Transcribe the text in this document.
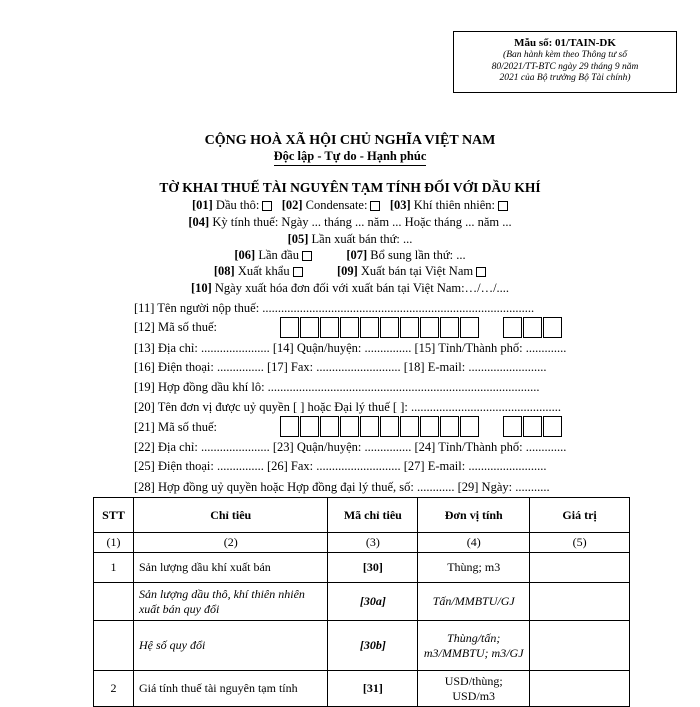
Mẫu số: 01/TAIN-DK
(Ban hành kèm theo Thông tư số
80/2021/TT-BTC ngày 29 tháng 9 năm
2021 của Bộ trưởng Bộ Tài chính)
CỘNG HOÀ XÃ HỘI CHỦ NGHĨA VIỆT NAM
Độc lập - Tự do - Hạnh phúc
TỜ KHAI THUẾ TÀI NGUYÊN TẠM TÍNH ĐỐI VỚI DẦU KHÍ
[01] Dầu thô: [02] Condensate: [03] Khí thiên nhiên:
[04] Kỳ tính thuế: Ngày ... tháng ... năm ... Hoặc tháng ... năm ...
[05] Lần xuất bán thứ: ...
[06] Lần đầu	[07] Bổ sung lần thứ: ...
[08] Xuất khẩu	[09] Xuất bán tại Việt Nam
[10] Ngày xuất hóa đơn đối với xuất bán tại Việt Nam:…/…/....
[11] Tên người nộp thuế: .......................................................................................
[12] Mã số thuế:
[13] Địa chỉ: ...................... [14] Quận/huyện: ............... [15] Tỉnh/Thành phố: .............
[16] Điện thoại: ............... [17] Fax: ........................... [18] E-mail: .........................
[19] Hợp đồng dầu khí lô: .......................................................................................
[20] Tên đơn vị được uỷ quyền [ ] hoặc Đại lý thuế [ ]: ................................................
[21] Mã số thuế:
[22] Địa chỉ: ...................... [23] Quận/huyện: ............... [24] Tỉnh/Thành phố: .............
[25] Điện thoại: ............... [26] Fax: ........................... [27] E-mail: .........................
[28] Hợp đồng uỷ quyền hoặc Hợp đồng đại lý thuế, số: ............ [29] Ngày: ...........
STT	Chỉ tiêu	Mã chỉ tiêu	Đơn vị tính	Giá trị
(1)	(2)	(3)	(4)	(5)
1	Sản lượng dầu khí xuất bán	[30]	Thùng; m3	
	Sản lượng dầu thô, khí thiên nhiên xuất bán quy đổi	[30a]	Tấn/MMBTU/GJ	
	Hệ số quy đổi	[30b]	Thùng/tấn; m3/MMBTU; m3/GJ	
2	Giá tính thuế tài nguyên tạm tính	[31]	USD/thùng; USD/m3	
